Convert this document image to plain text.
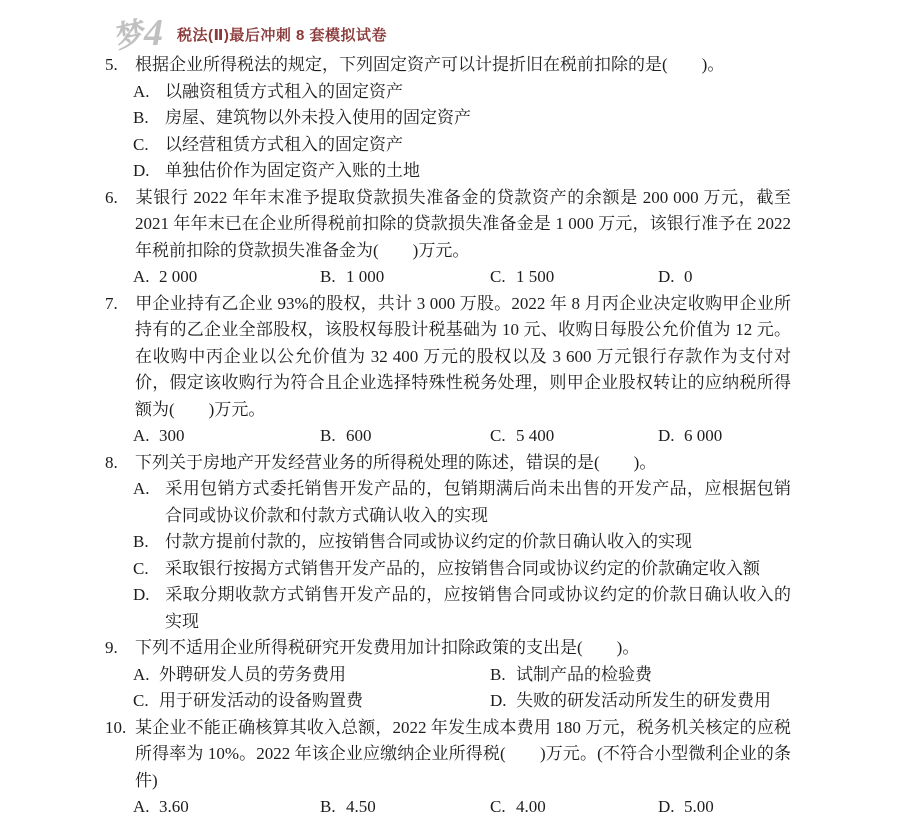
梦4 税法(Ⅱ)最后冲刺 8 套模拟试卷

5. 根据企业所得税法的规定，下列固定资产可以计提折旧在税前扣除的是(　　)。

A. 以融资租赁方式租入的固定资产
B. 房屋、建筑物以外未投入使用的固定资产
C. 以经营租赁方式租入的固定资产
D. 单独估价作为固定资产入账的土地

6. 某银行 2022 年年末准予提取贷款损失准备金的贷款资产的余额是 200 000 万元，截至 2021 年年末已在企业所得税前扣除的贷款损失准备金是 1 000 万元，该银行准予在 2022 年税前扣除的贷款损失准备金为(　　)万元。

A. 2 000	B. 1 000	C. 1 500	D. 0

7. 甲企业持有乙企业 93%的股权，共计 3 000 万股。2022 年 8 月丙企业决定收购甲企业所持有的乙企业全部股权，该股权每股计税基础为 10 元、收购日每股公允价值为 12 元。在收购中丙企业以公允价值为 32 400 万元的股权以及 3 600 万元银行存款作为支付对价，假定该收购行为符合且企业选择特殊性税务处理，则甲企业股权转让的应纳税所得额为(　　)万元。

A. 300	B. 600	C. 5 400	D. 6 000

8. 下列关于房地产开发经营业务的所得税处理的陈述，错误的是(　　)。

A. 采用包销方式委托销售开发产品的，包销期满后尚未出售的开发产品，应根据包销合同或协议价款和付款方式确认收入的实现
B. 付款方提前付款的，应按销售合同或协议约定的价款日确认收入的实现
C. 采取银行按揭方式销售开发产品的，应按销售合同或协议约定的价款确定收入额
D. 采取分期收款方式销售开发产品的，应按销售合同或协议约定的价款日确认收入的实现

9. 下列不适用企业所得税研究开发费用加计扣除政策的支出是(　　)。

A. 外聘研发人员的劳务费用	B. 试制产品的检验费
C. 用于研发活动的设备购置费	D. 失败的研发活动所发生的研发费用

10. 某企业不能正确核算其收入总额，2022 年发生成本费用 180 万元，税务机关核定的应税所得率为 10%。2022 年该企业应缴纳企业所得税(　　)万元。(不符合小型微利企业的条件)

A. 3.60	B. 4.50	C. 4.00	D. 5.00
